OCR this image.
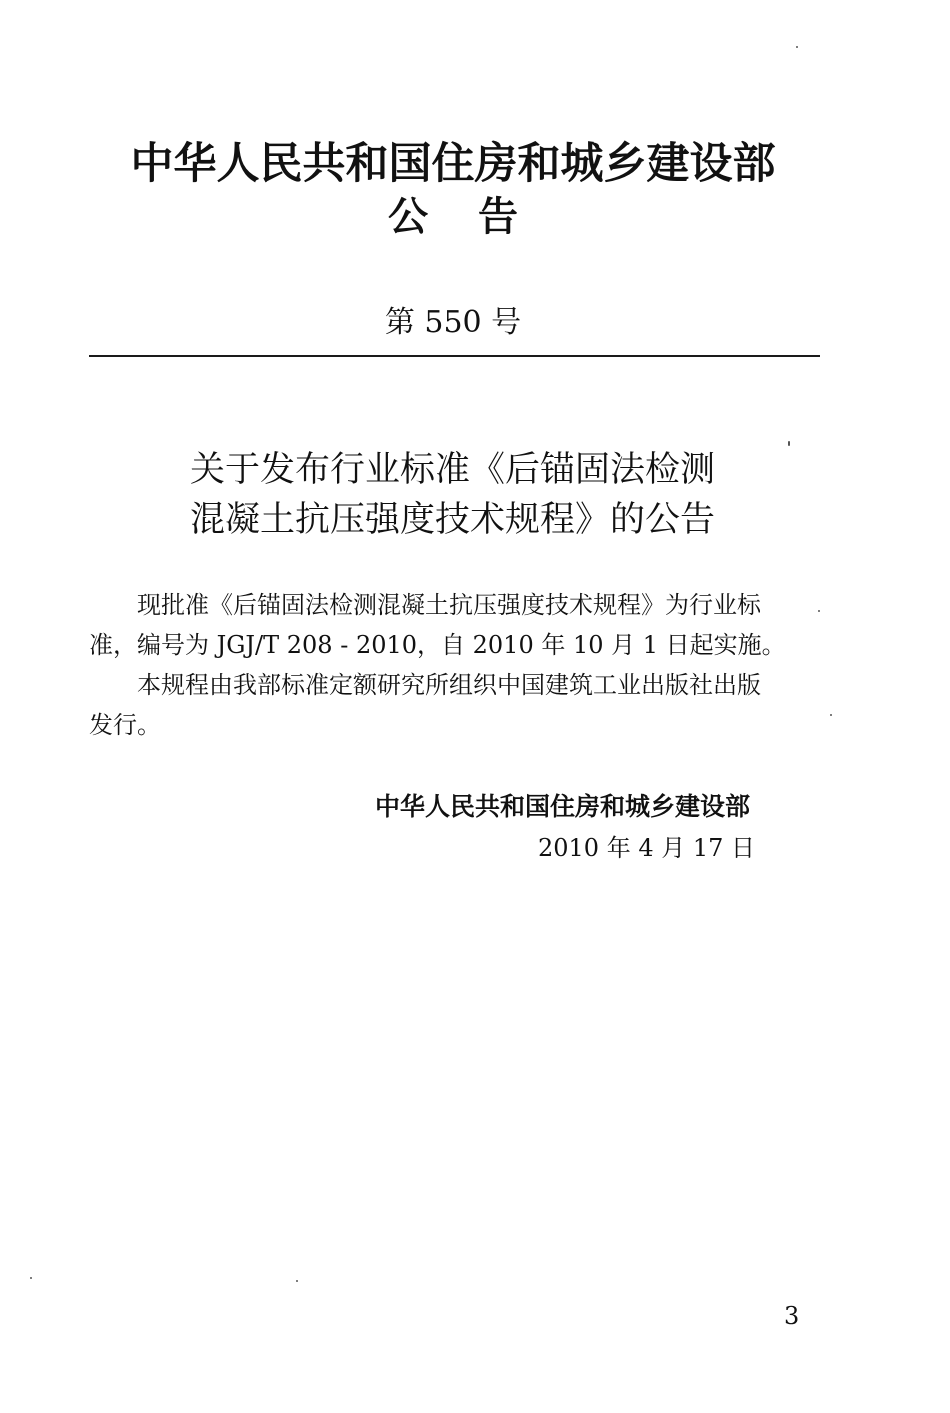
中华人民共和国住房和城乡建设部
公告
第 550 号
关于发布行业标准《后锚固法检测
混凝土抗压强度技术规程》的公告
现批准《后锚固法检测混凝土抗压强度技术规程》为行业标
准，编号为 JGJ/T 208 - 2010，自 2010 年 10 月 1 日起实施。
本规程由我部标准定额研究所组织中国建筑工业出版社出版
发行。
中华人民共和国住房和城乡建设部
2010 年 4 月 17 日
3
